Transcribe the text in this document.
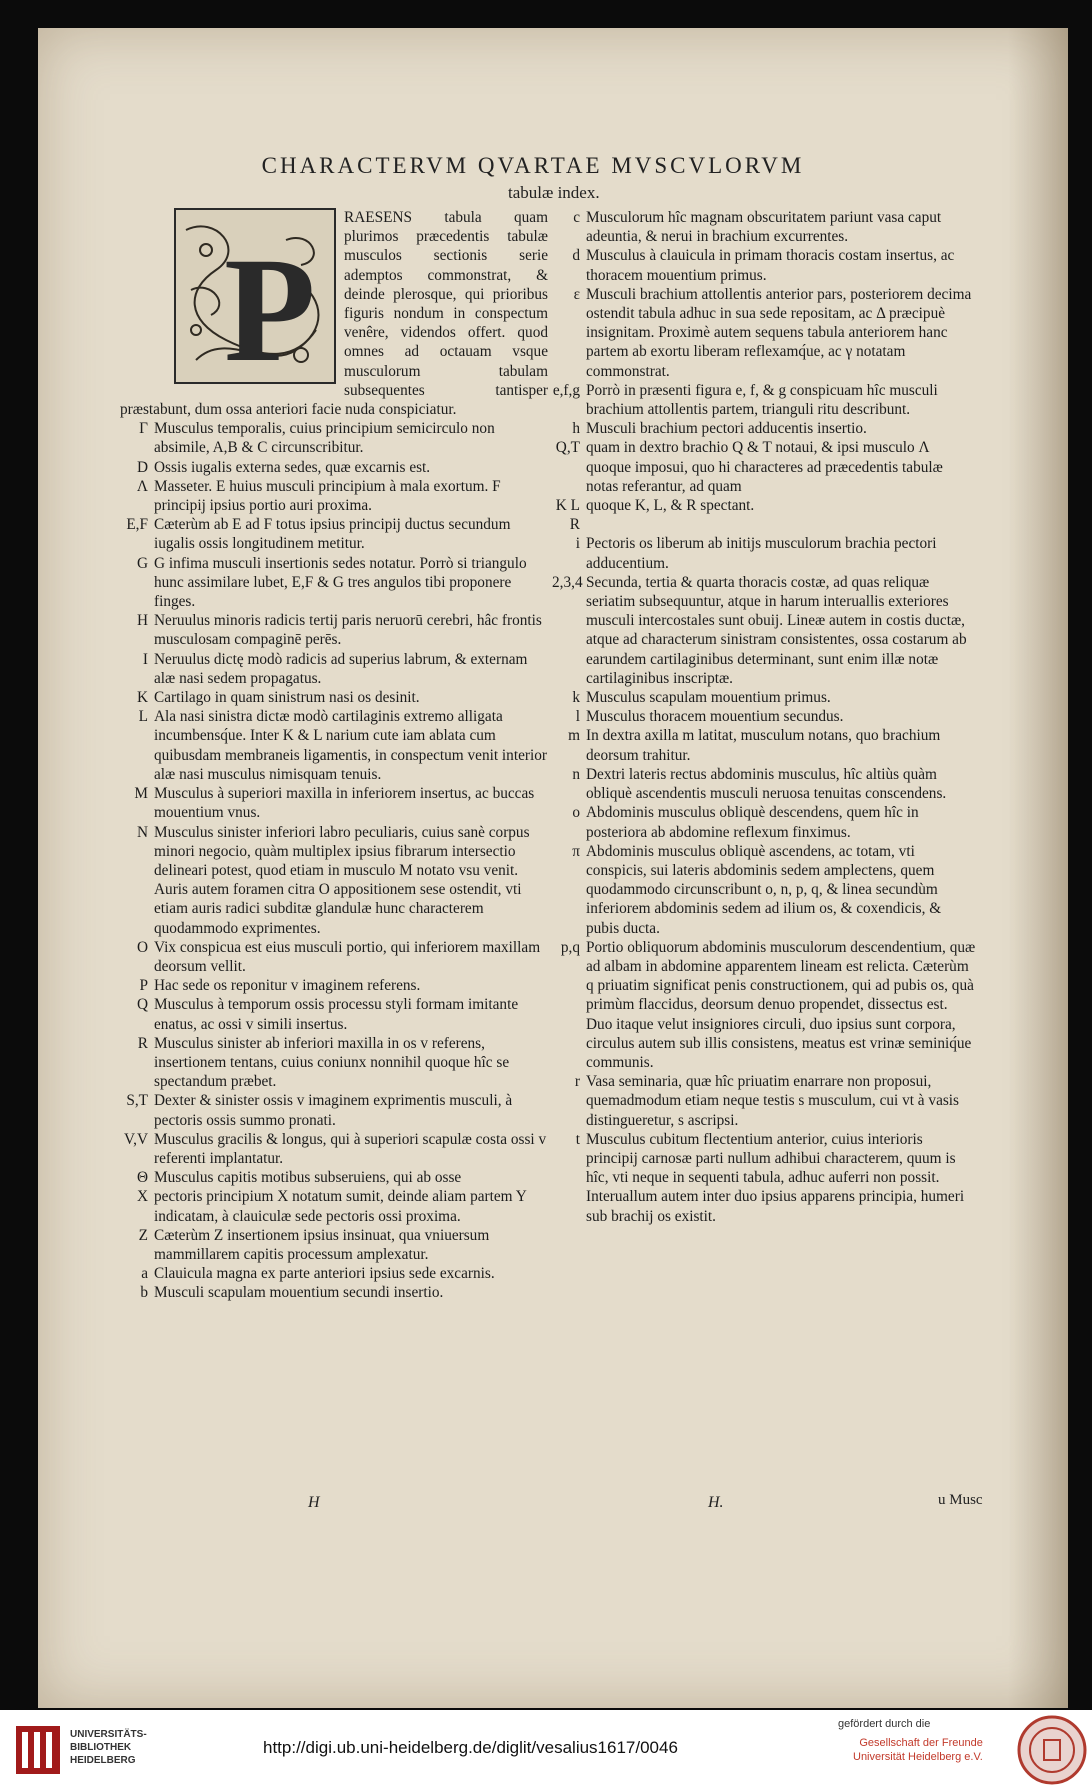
CHARACTERVM QVARTAE MVSCVLORVM
tabulæ index.
P

RAESENS tabula quam plurimos præcedentis tabulæ musculos sectionis serie ademptos commonstrat, & deinde plerosque, qui prioribus figuris nondum in conspectum venêre, videndos offert. quod omnes ad octauam vsque musculorum tabulam subsequentes tantisper præstabunt, dum ossa anteriori facie nuda conspiciatur.

Γ Musculus temporalis, cuius principium semicirculo non absimile, A,B & C circunscribitur.
D Ossis iugalis externa sedes, quæ excarnis est.
Λ Masseter. E huius musculi principium à mala exortum. F principij ipsius portio auri proxima.
E,F Cæterùm ab E ad F totus ipsius principij ductus secundum iugalis ossis longitudinem metitur.
G G infima musculi insertionis sedes notatur. Porrò si triangulo hunc assimilare lubet, E,F & G tres angulos tibi proponere finges.
H Neruulus minoris radicis tertij paris neruorū cerebri, hâc frontis musculosam compaginē perēs.
I Neruulus dictę modò radicis ad superius labrum, & externam alæ nasi sedem propagatus.
K Cartilago in quam sinistrum nasi os desinit.
L Ala nasi sinistra dictæ modò cartilaginis extremo alligata incumbensq́ue. Inter K & L narium cute iam ablata cum quibusdam membraneis ligamentis, in conspectum venit interior alæ nasi musculus nimisquam tenuis.
M Musculus à superiori maxilla in inferiorem insertus, ac buccas mouentium vnus.
N Musculus sinister inferiori labro peculiaris, cuius sanè corpus minori negocio, quàm multiplex ipsius fibrarum intersectio delineari potest, quod etiam in musculo M notato vsu venit. Auris autem foramen citra O appositionem sese ostendit, vti etiam auris radici subditæ glandulæ hunc characterem quodammodo exprimentes.
O Vix conspicua est eius musculi portio, qui inferiorem maxillam deorsum vellit.
P Hac sede os reponitur v imaginem referens.
Q Musculus à temporum ossis processu styli formam imitante enatus, ac ossi v simili insertus.
R Musculus sinister ab inferiori maxilla in os v referens, insertionem tentans, cuius coniunx nonnihil quoque hîc se spectandum præbet.
S,T Dexter & sinister ossis v imaginem exprimentis musculi, à pectoris ossis summo pronati.
V,V Musculus gracilis & longus, qui à superiori scapulæ costa ossi v referenti implantatur.
Θ Musculus capitis motibus subseruiens, qui ab osse
X pectoris principium X notatum sumit, deinde aliam partem Y indicatam, à clauiculæ sede pectoris ossi proxima.
Z Cæterùm Z insertionem ipsius insinuat, qua vniuersum mammillarem capitis processum amplexatur.
a Clauicula magna ex parte anteriori ipsius sede excarnis.
b Musculi scapulam mouentium secundi insertio.
c Musculorum hîc magnam obscuritatem pariunt vasa caput adeuntia, & nerui in brachium excurrentes.
d Musculus à clauicula in primam thoracis costam insertus, ac thoracem mouentium primus.
ε Musculi brachium attollentis anterior pars, posteriorem decima ostendit tabula adhuc in sua sede repositam, ac Δ præcipuè insignitam. Proximè autem sequens tabula anteriorem hanc partem ab exortu liberam reflexamq́ue, ac γ notatam commonstrat.
e,f,g Porrò in præsenti figura e, f, & g conspicuam hîc musculi brachium attollentis partem, trianguli ritu describunt.
h Musculi brachium pectori adducentis insertio.
Q,T quam in dextro brachio Q & T notaui, & ipsi musculo Λ quoque imposui, quo hi characteres ad præcedentis tabulæ notas referantur, ad quam
K L R
quoque K, L, & R spectant.
i Pectoris os liberum ab initijs musculorum brachia pectori adducentium.
2,3,4 Secunda, tertia & quarta thoracis costæ, ad quas reliquæ seriatim subsequuntur, atque in harum interuallis exteriores musculi intercostales sunt obuij. Lineæ autem in costis ductæ, atque ad characterum sinistram consistentes, ossa costarum ab earundem cartilaginibus determinant, sunt enim illæ notæ cartilaginibus inscriptæ.
k Musculus scapulam mouentium primus.
l Musculus thoracem mouentium secundus.
m In dextra axilla m latitat, musculum notans, quo brachium deorsum trahitur.
n Dextri lateris rectus abdominis musculus, hîc altiùs quàm obliquè ascendentis musculi neruosa tenuitas conscendens.
o Abdominis musculus obliquè descendens, quem hîc in posteriora ab abdomine reflexum finximus.
π Abdominis musculus obliquè ascendens, ac totam, vti conspicis, sui lateris abdominis sedem amplectens, quem quodammodo circunscribunt o, n, p, q, & linea secundùm inferiorem abdominis sedem ad ilium os, & coxendicis, & pubis ducta.
p,q Portio obliquorum abdominis musculorum descendentium, quæ ad albam in abdomine apparentem lineam est relicta. Cæterùm q priuatim significat penis constructionem, qui ad pubis os, quà primùm flaccidus, deorsum denuo propendet, dissectus est. Duo itaque velut insigniores circuli, duo ipsius sunt corpora, circulus autem sub illis consistens, meatus est vrinæ seminiq́ue communis.
r Vasa seminaria, quæ hîc priuatim enarrare non proposui, quemadmodum etiam neque testis s musculum, cui vt à vasis distingueretur, s ascripsi.
t Musculus cubitum flectentium anterior, cuius interioris principij carnosæ parti nullum adhibui characterem, quum is hîc, vti neque in sequenti tabula, adhuc auferri non possit. Interuallum autem inter duo ipsius apparens principia, humeri sub brachij os existit.
H	H.	u Musc
UNIVERSITÄTS-
BIBLIOTHEK
HEIDELBERG
http://digi.ub.uni-heidelberg.de/diglit/vesalius1617/0046
gefördert durch die
Gesellschaft der Freunde
Universität Heidelberg e.V.
